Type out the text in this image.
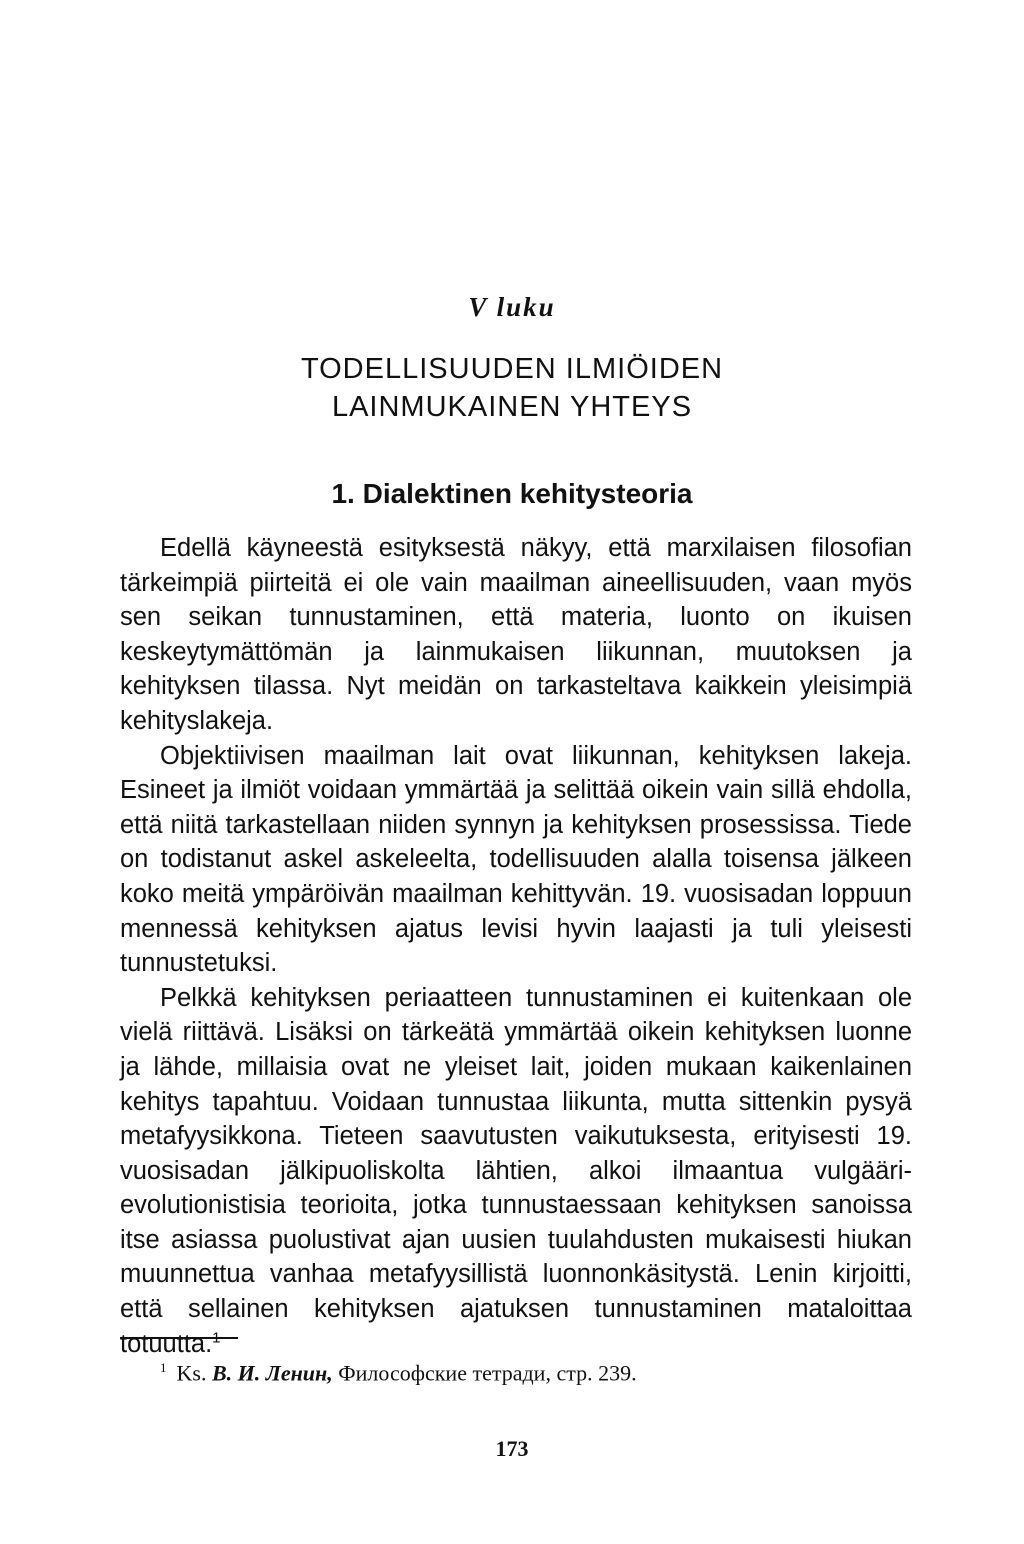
V luku
TODELLISUUDEN ILMIÖIDEN
LAINMUKAINEN YHTEYS
1. Dialektinen kehitysteoria

Edellä käyneestä esityksestä näkyy, että marxilaisen filosofian tärkeimpiä piirteitä ei ole vain maailman aineellisuuden, vaan myös sen seikan tunnustaminen, että materia, luonto on ikuisen keskeytymättömän ja lainmukaisen liikunnan, muutoksen ja kehityksen tilassa. Nyt meidän on tarkasteltava kaikkein yleisimpiä kehityslakeja.

Objektiivisen maailman lait ovat liikunnan, kehityksen lakeja. Esineet ja ilmiöt voidaan ymmärtää ja selittää oikein vain sillä ehdolla, että niitä tarkastellaan niiden synnyn ja kehityksen prosessissa. Tiede on todistanut askel askeleelta, todellisuuden alalla toisensa jälkeen koko meitä ympäröivän maailman kehittyvän. 19. vuosisadan loppuun mennessä kehityksen ajatus levisi hyvin laajasti ja tuli yleisesti tunnustetuksi.

Pelkkä kehityksen periaatteen tunnustaminen ei kuitenkaan ole vielä riittävä. Lisäksi on tärkeätä ymmärtää oikein kehityksen luonne ja lähde, millaisia ovat ne yleiset lait, joiden mukaan kaikenlainen kehitys tapahtuu. Voidaan tunnustaa liikunta, mutta sittenkin pysyä metafyysikkona. Tieteen saavutusten vaikutuksesta, erityisesti 19. vuosisadan jälkipuoliskolta lähtien, alkoi ilmaantua vulgääri-evolutionistisia teorioita, jotka tunnustaessaan kehityksen sanoissa itse asiassa puolustivat ajan uusien tuulahdusten mukaisesti hiukan muunnettua vanhaa metafyysillistä luonnonkäsitystä. Lenin kirjoitti, että sellainen kehityksen ajatuksen tunnustaminen mataloittaa totuutta.$^1$

$^1$ Ks. В. И. Ленин, Философские тетради, стр. 239.
173
